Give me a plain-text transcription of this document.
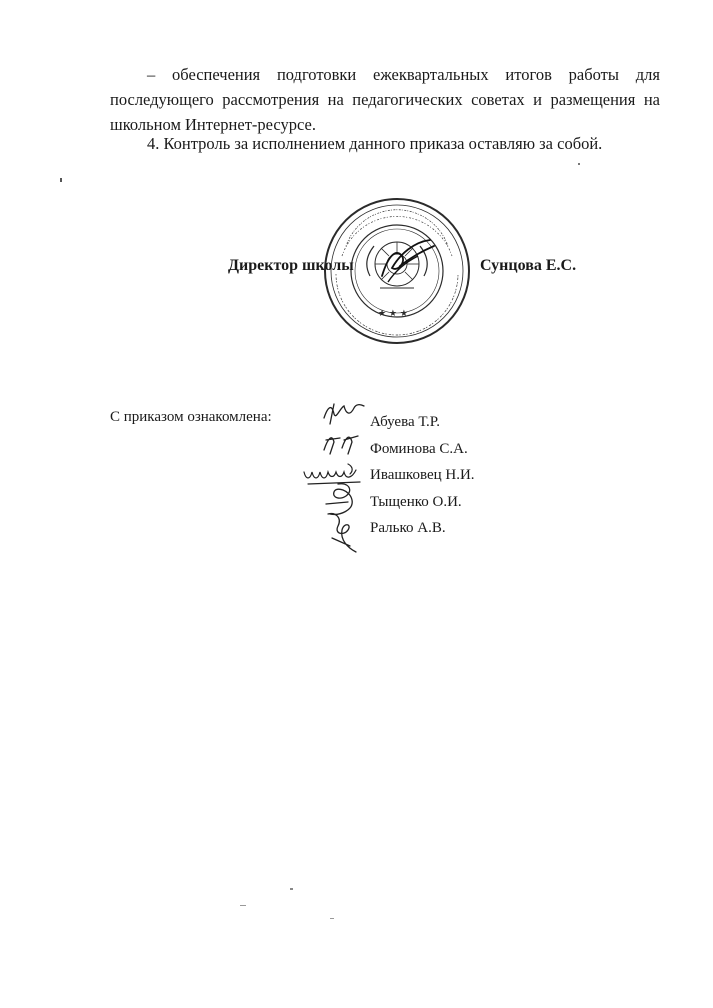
– обеспечения подготовки ежеквартальных итогов работы для последующего рассмотрения на педагогических советах и размещения на школьном Интернет-ресурсе.

4. Контроль за исполнением данного приказа оставляю за собой.

★ ★ ★
Директор школы	Сунцова Е.С.
С приказом ознакомлена:	Абуева Т.Р.
Фоминова С.А.
Ивашковец Н.И.
Тыщенко О.И.
Ралько А.В.
